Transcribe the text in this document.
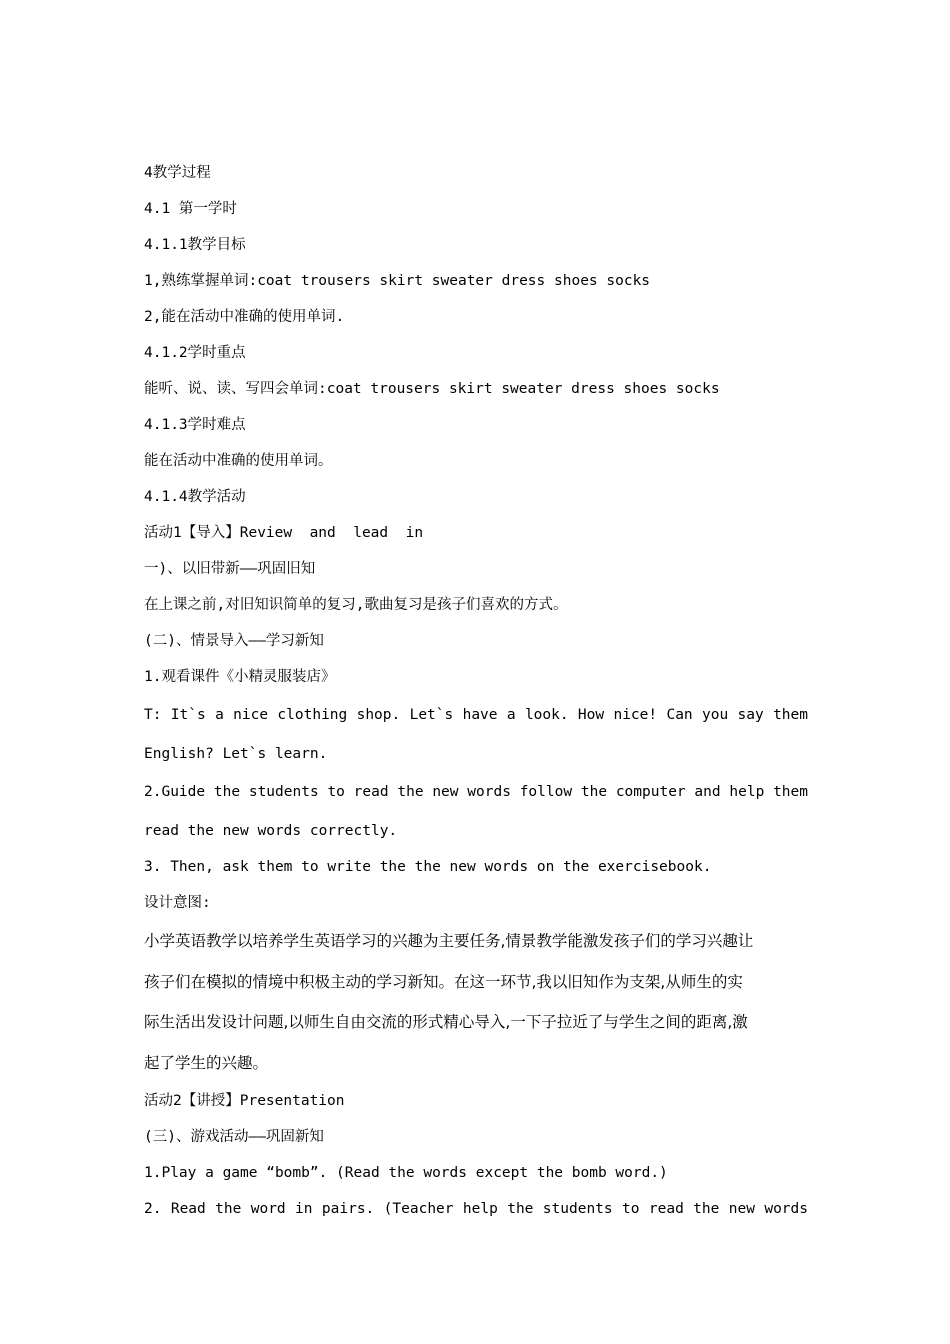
4教学过程
4.1 第一学时
4.1.1教学目标
1,熟练掌握单词:coat trousers skirt sweater dress shoes socks
2,能在活动中准确的使用单词.
4.1.2学时重点
能听、说、读、写四会单词:coat trousers skirt sweater dress shoes socks
4.1.3学时难点
能在活动中准确的使用单词。
4.1.4教学活动
活动1【导入】Review  and  lead  in
一)、以旧带新——巩固旧知
在上课之前,对旧知识简单的复习,歌曲复习是孩子们喜欢的方式。
(二)、情景导入——学习新知
1.观看课件《小精灵服装店》
T: It`s a nice clothing shop. Let`s have a look. How nice! Can you say them
English? Let`s learn.
2.Guide the students to read the new words follow the computer and help them
read the new words correctly.
3. Then, ask them to write the the new words on the exercisebook.
设计意图:
小学英语教学以培养学生英语学习的兴趣为主要任务,情景教学能激发孩子们的学习兴趣让
孩子们在模拟的情境中积极主动的学习新知。在这一环节,我以旧知作为支架,从师生的实
际生活出发设计问题,以师生自由交流的形式精心导入,一下子拉近了与学生之间的距离,激
起了学生的兴趣。
活动2【讲授】Presentation
(三)、游戏活动——巩固新知
1.Play a game “bomb”. (Read the words except the bomb word.)
2. Read the word in pairs. (Teacher help the students to read the new words
